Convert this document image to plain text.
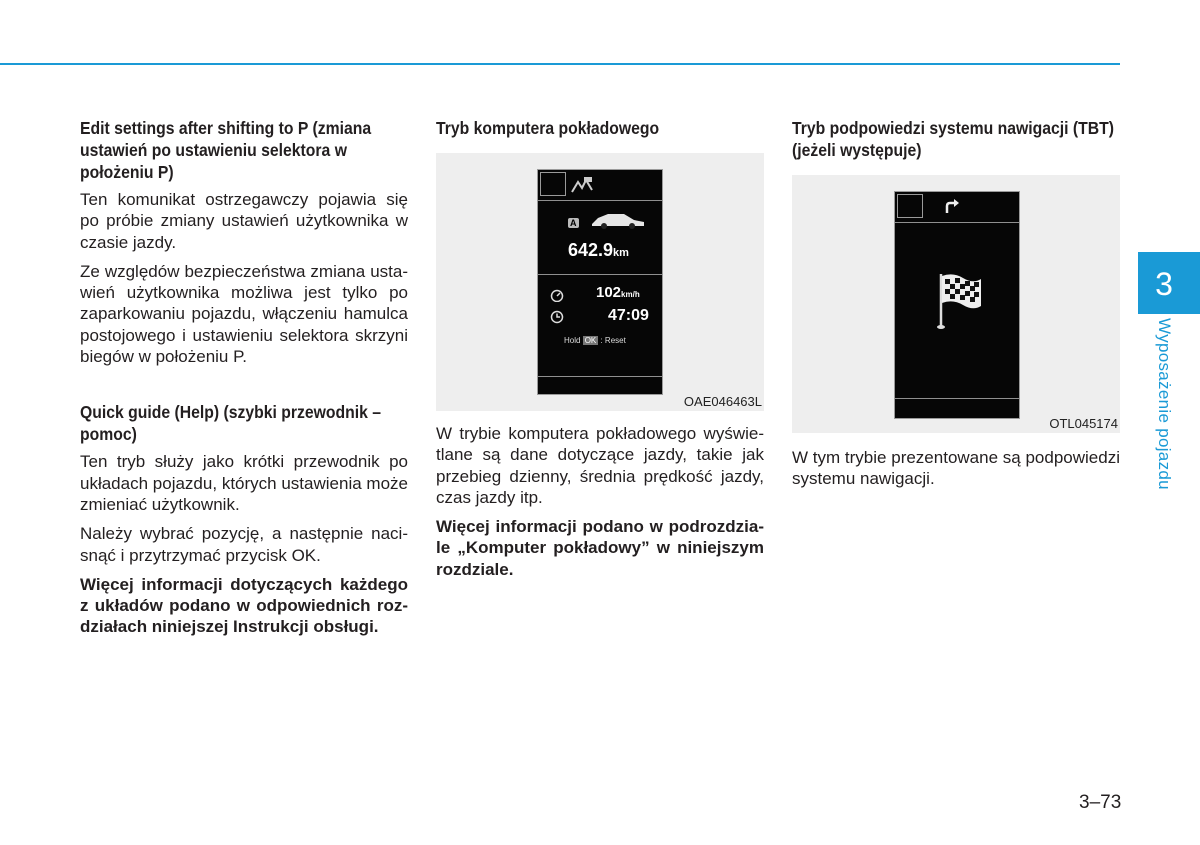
Edit settings after shifting to P (zmiana ustawień po ustawieniu selektora w położeniu P)

Ten komunikat ostrzegawczy pojawia się po próbie zmiany ustawień użytkownika w czasie jazdy.

Ze względów bezpieczeństwa zmiana usta-wień użytkownika możliwa jest tylko po zaparkowaniu pojazdu, włączeniu hamulca postojowego i ustawieniu selektora skrzyni biegów w położeniu P.

Quick guide (Help) (szybki przewodnik – pomoc)

Ten tryb służy jako krótki przewodnik po układach pojazdu, których ustawienia może zmieniać użytkownik.

Należy wybrać pozycję, a następnie naci-snąć i przytrzymać przycisk OK.

Więcej informacji dotyczących każdego z układów podano w odpowiednich roz-działach niniejszej Instrukcji obsługi.

Tryb komputera pokładowego
A
642.9km
102km/h
47:09
Hold OK : Reset
OAE046463L

W trybie komputera pokładowego wyświe-tlane są dane dotyczące jazdy, takie jak przebieg dzienny, średnia prędkość jazdy, czas jazdy itp.

Więcej informacji podano w podrozdzia-le „Komputer pokładowy” w niniejszym rozdziale.

Tryb podpowiedzi systemu nawigacji (TBT) (jeżeli występuje)
OTL045174

W tym trybie prezentowane są podpowiedzi systemu nawigacji.

3
Wyposażenie pojazdu
3–73
